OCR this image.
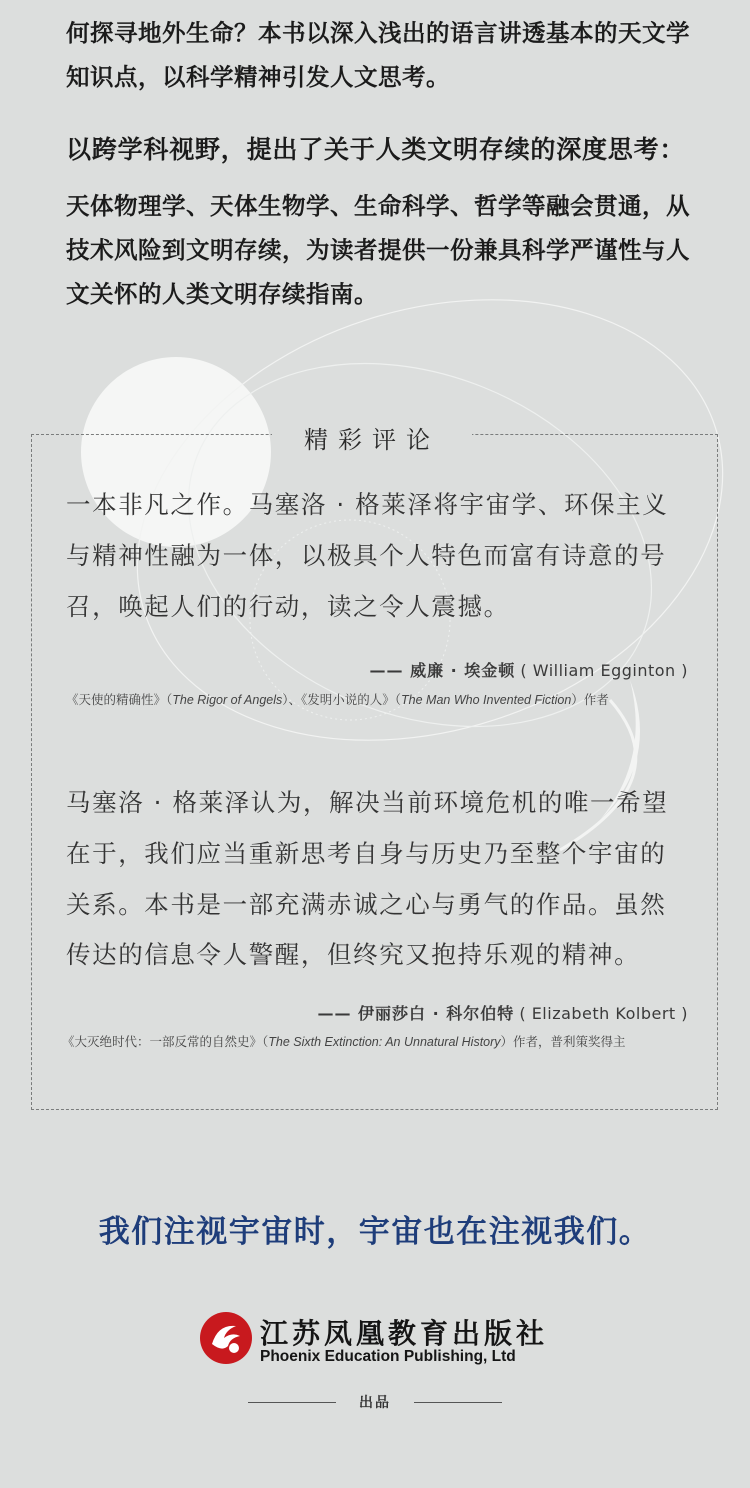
何探寻地外生命？本书以深入浅出的语言讲透基本的天文学
知识点，以科学精神引发人文思考。
以跨学科视野，提出了关于人类文明存续的深度思考：
天体物理学、天体生物学、生命科学、哲学等融会贯通，从
技术风险到文明存续，为读者提供一份兼具科学严谨性与人
文关怀的人类文明存续指南。
精彩评论
一本非凡之作。马塞洛 · 格莱泽将宇宙学、环保主义
与精神性融为一体，以极具个人特色而富有诗意的号
召，唤起人们的行动，读之令人震撼。
—— 威廉 · 埃金顿 ( William Egginton )
《天使的精确性》（The Rigor of Angels）、《发明小说的人》（The Man Who Invented Fiction）作者
马塞洛 · 格莱泽认为，解决当前环境危机的唯一希望
在于，我们应当重新思考自身与历史乃至整个宇宙的
关系。本书是一部充满赤诚之心与勇气的作品。虽然
传达的信息令人警醒，但终究又抱持乐观的精神。
—— 伊丽莎白 · 科尔伯特 ( Elizabeth Kolbert )
《大灭绝时代：一部反常的自然史》（The Sixth Extinction: An Unnatural History）作者，普利策奖得主
我们注视宇宙时，宇宙也在注视我们。
江苏凤凰教育出版社
Phoenix Education Publishing, Ltd
出品
